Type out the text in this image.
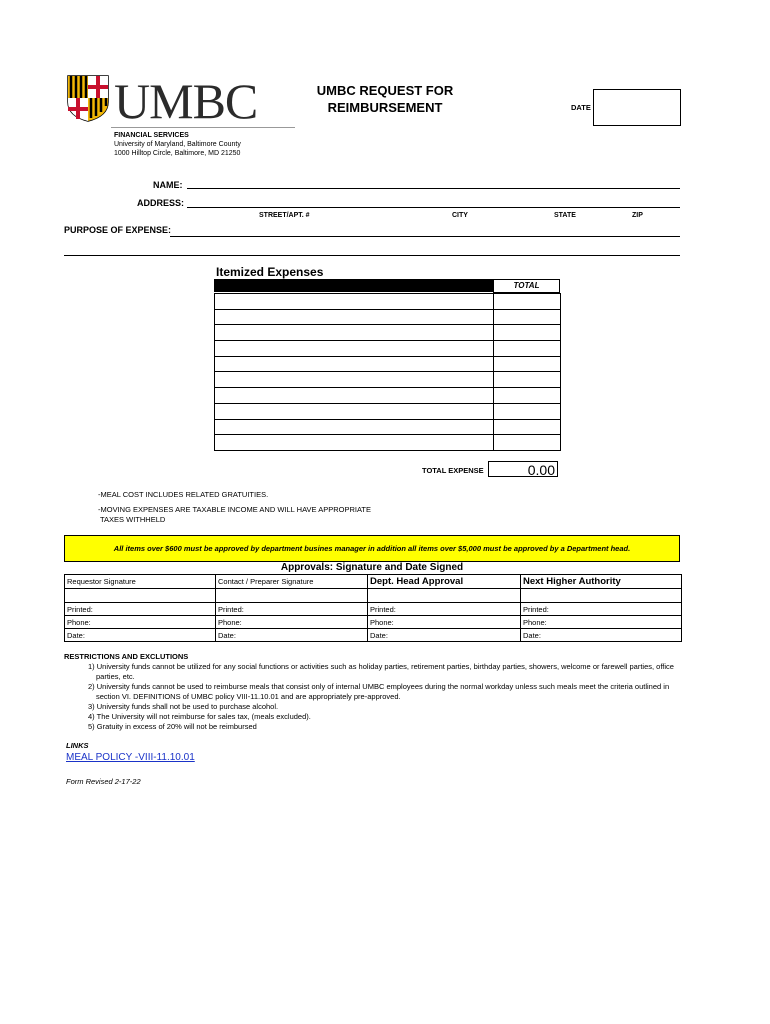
UMBC	UMBC REQUEST FOR
REIMBURSEMENT	DATE
FINANCIAL SERVICES
University of Maryland, Baltimore County
1000 Hilltop Circle, Baltimore, MD 21250
NAME:
ADDRESS:
STREET/APT. #	CITY	STATE	ZIP
PURPOSE OF EXPENSE:
Itemized Expenses
TOTAL

TOTAL EXPENSE	0.00
-MEAL COST INCLUDES RELATED GRATUITIES.
-MOVING EXPENSES ARE TAXABLE INCOME AND WILL HAVE APPROPRIATE
TAXES WITHHELD
All items over $600 must be approved by department busines manager in addition all items over $5,000 must be approved by a Department head.
Approvals: Signature and Date Signed
Requestor Signature	Contact / Preparer Signature	Dept. Head Approval	Next Higher Authority

Printed:	Printed:	Printed:	Printed:
Phone:	Phone:	Phone:	Phone:
Date:	Date:	Date:	Date:
RESTRICTIONS AND EXCLUTIONS
1) University funds cannot be utilized for any social functions or activities such as holiday parties, retirement parties, birthday parties, showers, welcome or farewell parties, office parties, etc.
2) University funds cannot be used to reimburse meals that consist only of internal UMBC employees during the normal workday unless such meals meet the criteria outlined in section VI. DEFINITIONS of UMBC policy VIII-11.10.01 and are appropriately pre-approved.
3) University funds shall not be used to purchase alcohol.
4) The University will not reimburse for sales tax, (meals excluded).
5) Gratuity in excess of 20% will not be reimbursed
LINKS
MEAL POLICY -VIII-11.10.01
Form Revised 2-17-22
